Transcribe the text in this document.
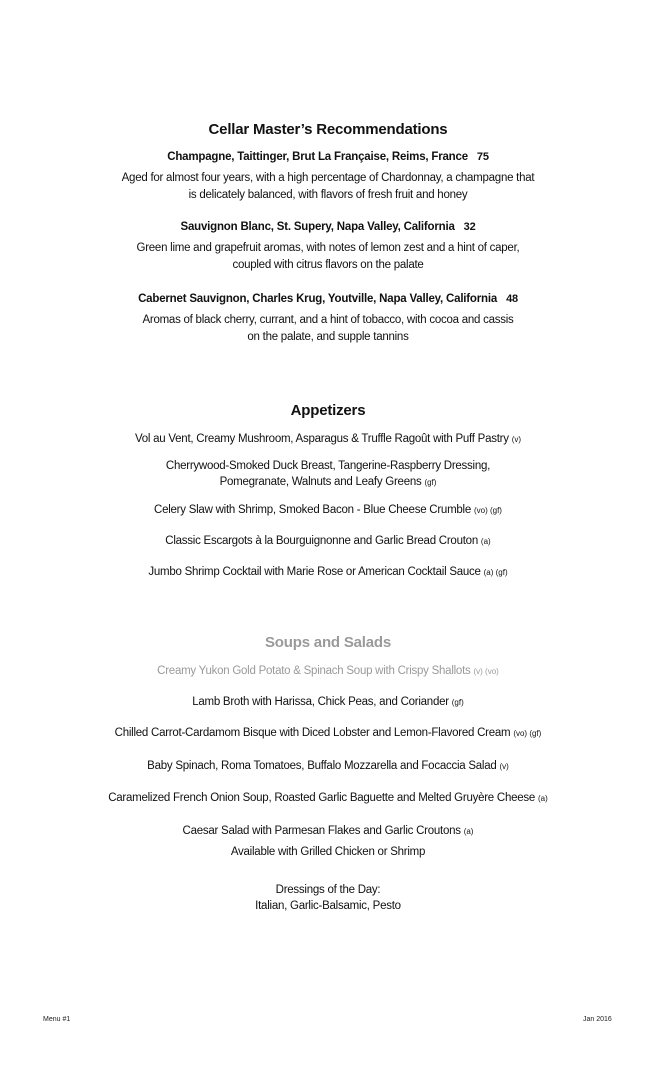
Cellar Master’s Recommendations
Champagne, Taittinger, Brut La Française, Reims, France 75
Aged for almost four years, with a high percentage of Chardonnay, a champagne that
is delicately balanced, with flavors of fresh fruit and honey
Sauvignon Blanc, St. Supery, Napa Valley, California 32
Green lime and grapefruit aromas, with notes of lemon zest and a hint of caper,
coupled with citrus flavors on the palate
Cabernet Sauvignon, Charles Krug, Youtville, Napa Valley, California 48
Aromas of black cherry, currant, and a hint of tobacco, with cocoa and cassis
on the palate, and supple tannins
Appetizers
Vol au Vent, Creamy Mushroom, Asparagus & Truffle Ragoût with Puff Pastry (v)
Cherrywood-Smoked Duck Breast, Tangerine-Raspberry Dressing,
Pomegranate, Walnuts and Leafy Greens (gf)
Celery Slaw with Shrimp, Smoked Bacon - Blue Cheese Crumble (vo) (gf)
Classic Escargots à la Bourguignonne and Garlic Bread Crouton (a)
Jumbo Shrimp Cocktail with Marie Rose or American Cocktail Sauce (a) (gf)
Soups and Salads
Creamy Yukon Gold Potato & Spinach Soup with Crispy Shallots (v) (vo)
Lamb Broth with Harissa, Chick Peas, and Coriander (gf)
Chilled Carrot-Cardamom Bisque with Diced Lobster and Lemon-Flavored Cream (vo) (gf)
Baby Spinach, Roma Tomatoes, Buffalo Mozzarella and Focaccia Salad (v)
Caramelized French Onion Soup, Roasted Garlic Baguette and Melted Gruyère Cheese (a)
Caesar Salad with Parmesan Flakes and Garlic Croutons (a)
Available with Grilled Chicken or Shrimp
Dressings of the Day:
Italian, Garlic-Balsamic, Pesto
Menu #1	Jan 2016
